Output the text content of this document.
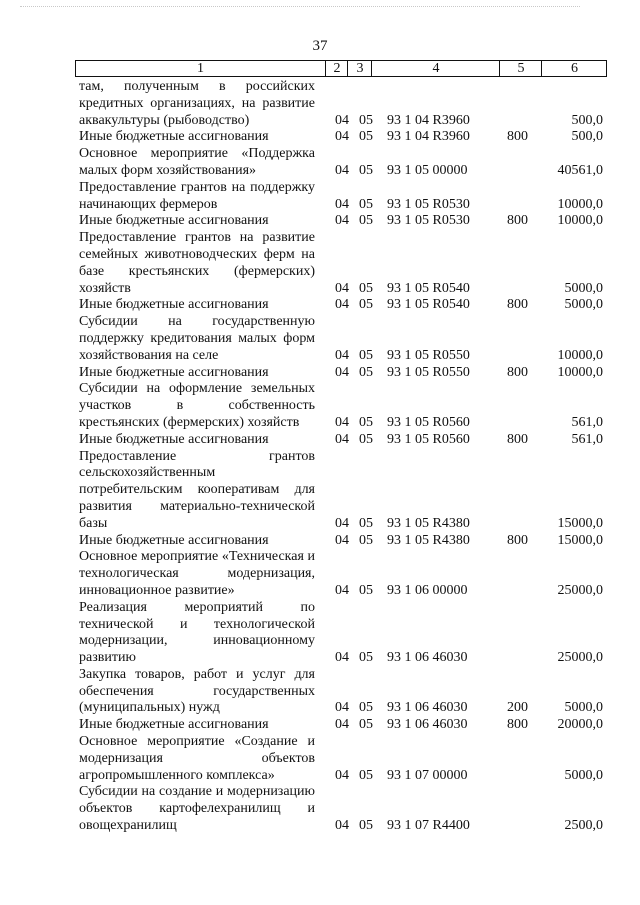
37
1	2	3	4	5	6
там, полученным в российских кредитных организациях, на развитие аквакультуры (рыбоводство)	04 05	93 1 04 R3960	500,0
Иные бюджетные ассигнования	04 05	93 1 04 R3960	800	500,0
Основное мероприятие «Поддержка малых форм хозяйствования»	04 05	93 1 05 00000	40561,0
Предоставление грантов на поддержку начинающих фермеров	04 05	93 1 05 R0530	10000,0
Иные бюджетные ассигнования	04 05	93 1 05 R0530	800	10000,0
Предоставление грантов на развитие семейных животноводческих ферм на базе крестьянских (фермерских) хозяйств	04 05	93 1 05 R0540	5000,0
Иные бюджетные ассигнования	04 05	93 1 05 R0540	800	5000,0
Субсидии на государственную поддержку кредитования малых форм хозяйствования на селе	04 05	93 1 05 R0550	10000,0
Иные бюджетные ассигнования	04 05	93 1 05 R0550	800	10000,0
Субсидии на оформление земельных участков в собственность крестьянских (фермерских) хозяйств	04 05	93 1 05 R0560	561,0
Иные бюджетные ассигнования	04 05	93 1 05 R0560	800	561,0
Предоставление грантов сельскохозяйственным потребительским кооперативам для развития материально-технической базы	04 05	93 1 05 R4380	15000,0
Иные бюджетные ассигнования	04 05	93 1 05 R4380	800	15000,0
Основное мероприятие «Техническая и технологическая модернизация, инновационное развитие»	04 05	93 1 06 00000	25000,0
Реализация мероприятий по технической и технологической модернизации, инновационному развитию	04 05	93 1 06 46030	25000,0
Закупка товаров, работ и услуг для обеспечения государственных (муниципальных) нужд	04 05	93 1 06 46030	200	5000,0
Иные бюджетные ассигнования	04 05	93 1 06 46030	800	20000,0
Основное мероприятие «Создание и модернизация объектов агропромышленного комплекса»	04 05	93 1 07 00000	5000,0
Субсидии на создание и модернизацию объектов картофелехранилищ и овощехранилищ	04 05	93 1 07 R4400	2500,0
